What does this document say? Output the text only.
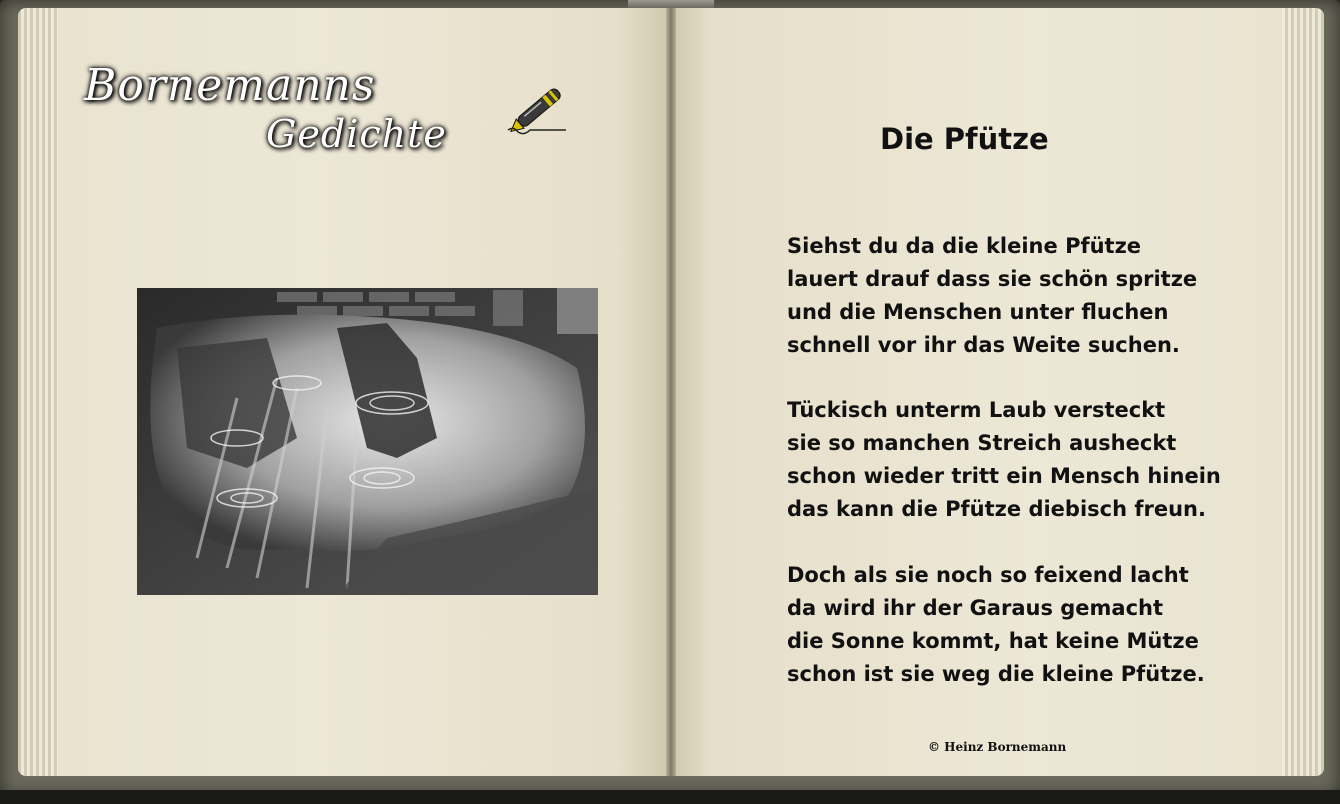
Bornemanns
Gedichte	Die Pfütze
Siehst du da die kleine Pfütze
lauert drauf dass sie schön spritze
und die Menschen unter fluchen
schnell vor ihr das Weite suchen.
Tückisch unterm Laub versteckt
sie so manchen Streich ausheckt
schon wieder tritt ein Mensch hinein
das kann die Pfütze diebisch freun.
Doch als sie noch so feixend lacht
da wird ihr der Garaus gemacht
die Sonne kommt, hat keine Mütze
schon ist sie weg die kleine Pfütze.
© Heinz Bornemann
